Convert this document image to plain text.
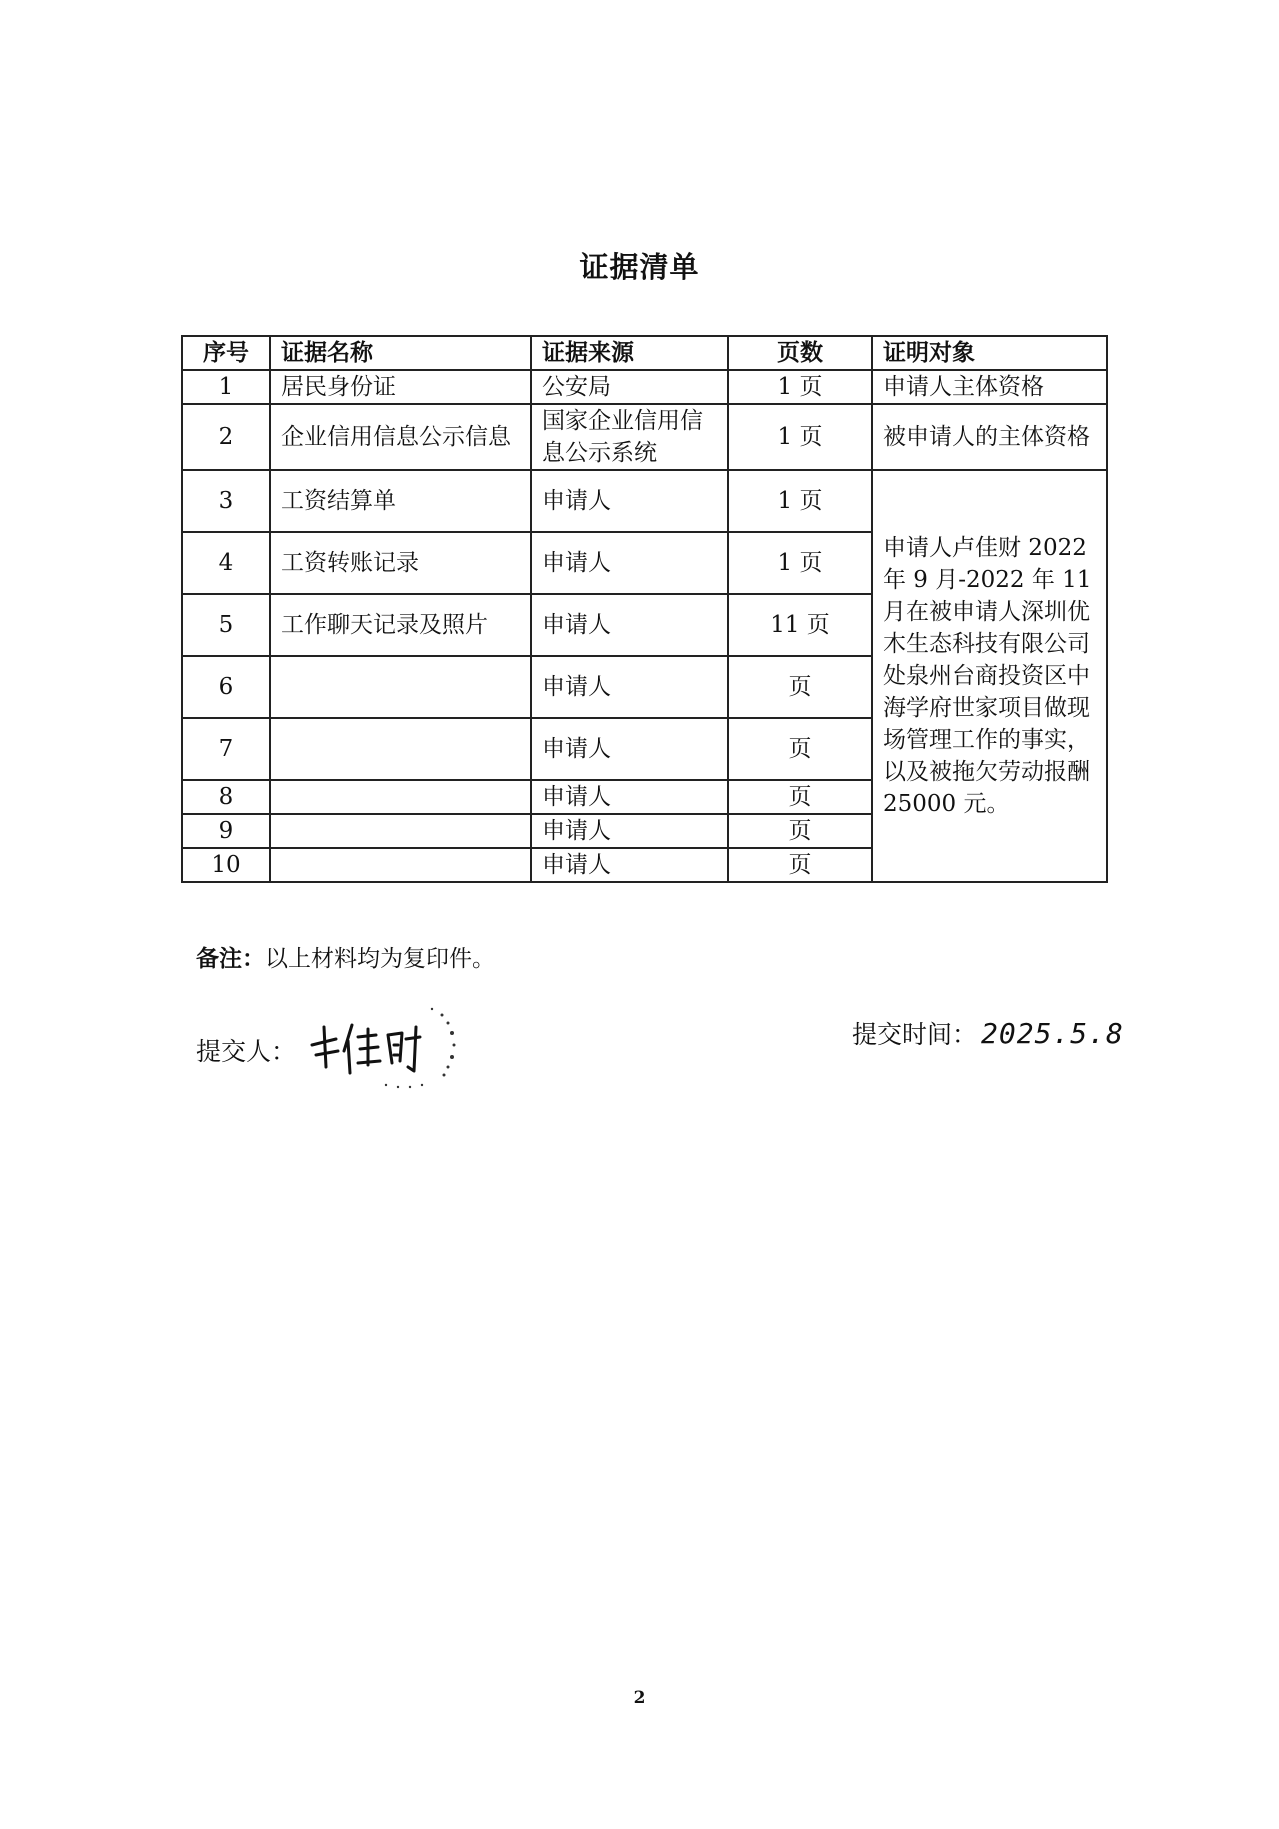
证据清单
序号	证据名称	证据来源	页数	证明对象
1	居民身份证	公安局	1 页	申请人主体资格
2	企业信用信息公示信息	国家企业信用信息公示系统	1 页	被申请人的主体资格
3	工资结算单	申请人	1 页	申请人卢佳财 2022 年 9 月-2022 年 11 月在被申请人深圳优木生态科技有限公司处泉州台商投资区中海学府世家项目做现场管理工作的事实，以及被拖欠劳动报酬 25000 元。
4	工资转账记录	申请人	1 页	
5	工作聊天记录及照片	申请人	11 页	
6		申请人	页	
7		申请人	页	
8		申请人	页	
9		申请人	页	
10		申请人	页	
备注：以上材料均为复印件。
提交人：
提交时间： 2025.5.8
2
